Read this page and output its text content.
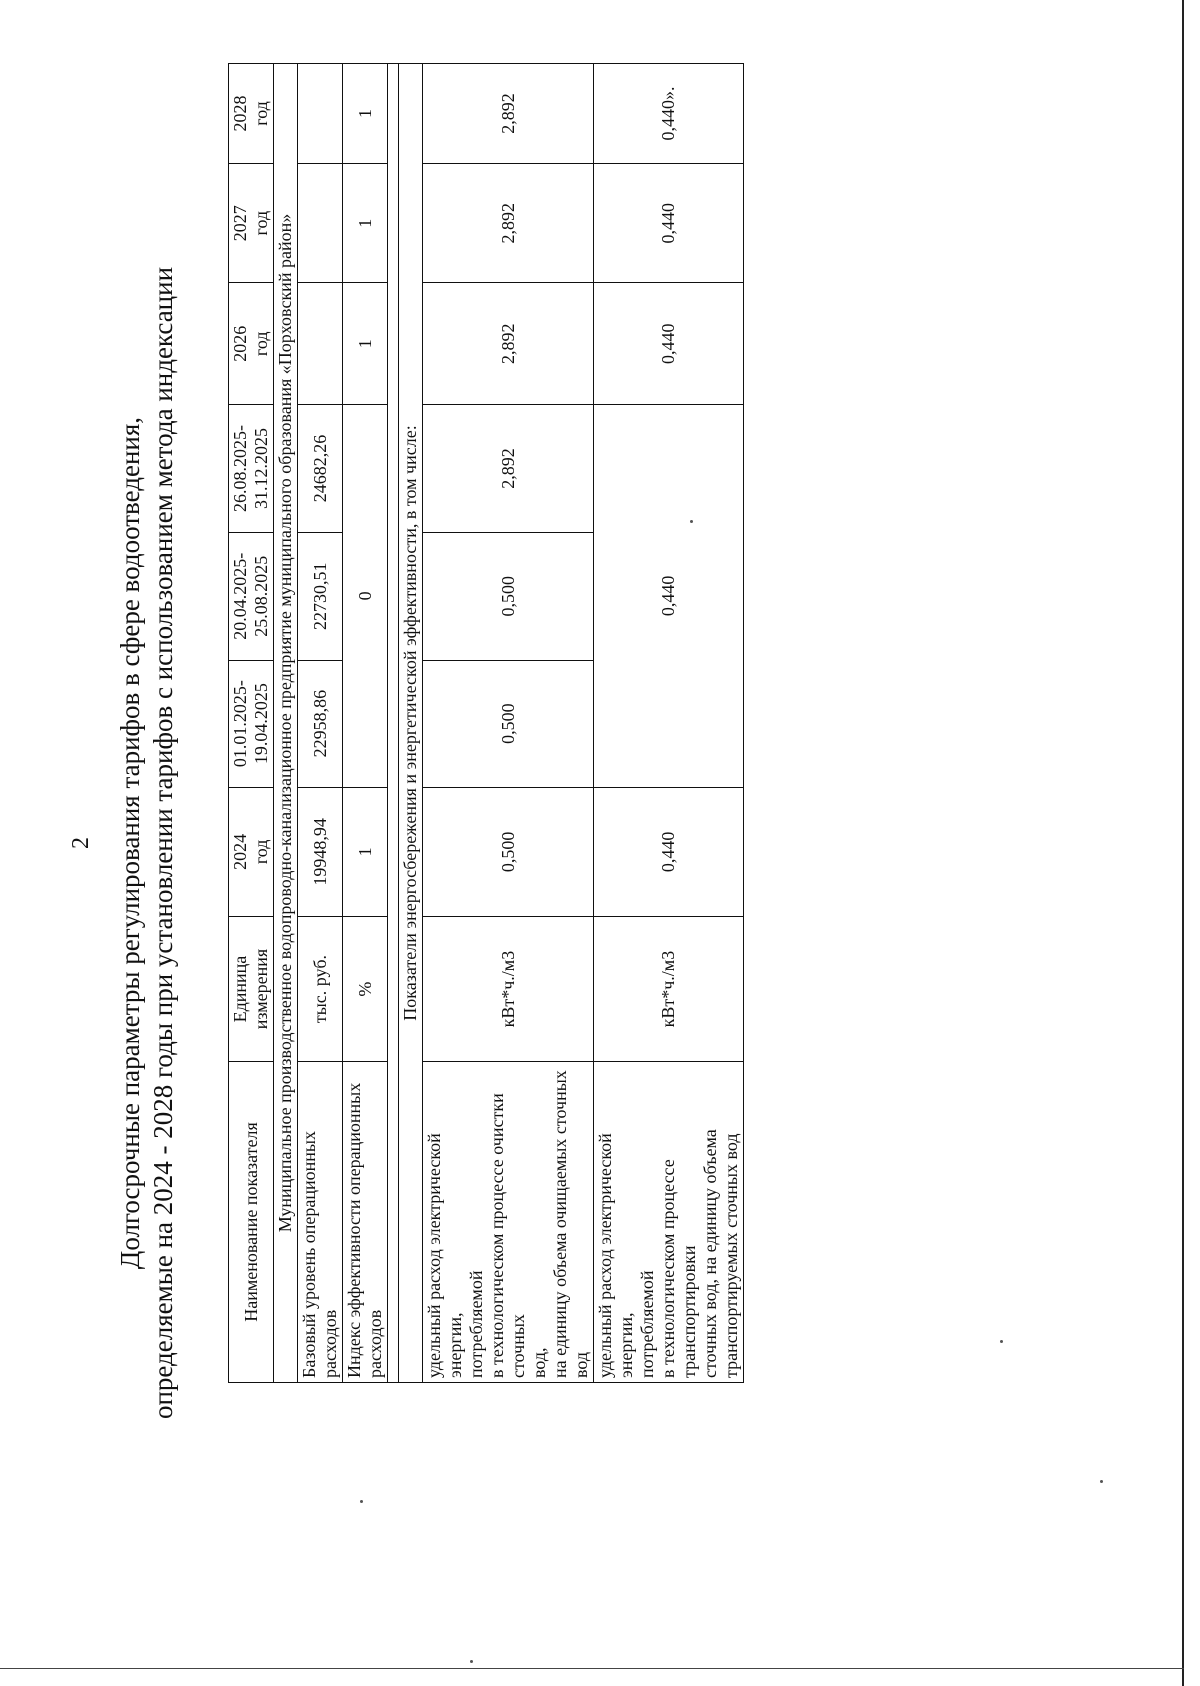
2 Долгосрочные параметры регулирования тарифов в сфере водоотведения, определяемые на 2024 - 2028 годы при установлении тарифов с использованием метода индексации	Наименование показателя	Единица измерения	2024 год	01.01.2025- 19.04.2025	20.04.2025- 25.08.2025	26.08.2025- 31.12.2025	2026 год	2027 год	2028 год

Муниципальное производственное водопроводно-канализационное предприятие муниципального образования «Порховский район»								
Базовый уровень операционных расходов	тыс. руб.	19948,94	22958,86	22730,51	24682,26			
Индекс эффективности операционных расходов	%	1	0			1	1	1

Показатели энергосбережения и энергетической эффективности, в том числе:								

удельный расход электрической энергии, потребляемой в технологическом процессе очистки сточных вод, на единицу объема очищаемых сточных вод	кВт*ч./м3	0,500	0,500	0,500	2,892	2,892	2,892	2,892

удельный расход электрической энергии, потребляемой в технологическом процессе транспортировки сточных вод, на единицу объема транспортируемых сточных вод	кВт*ч./м3	0,440	0,440			0,440	0,440	0,440».
